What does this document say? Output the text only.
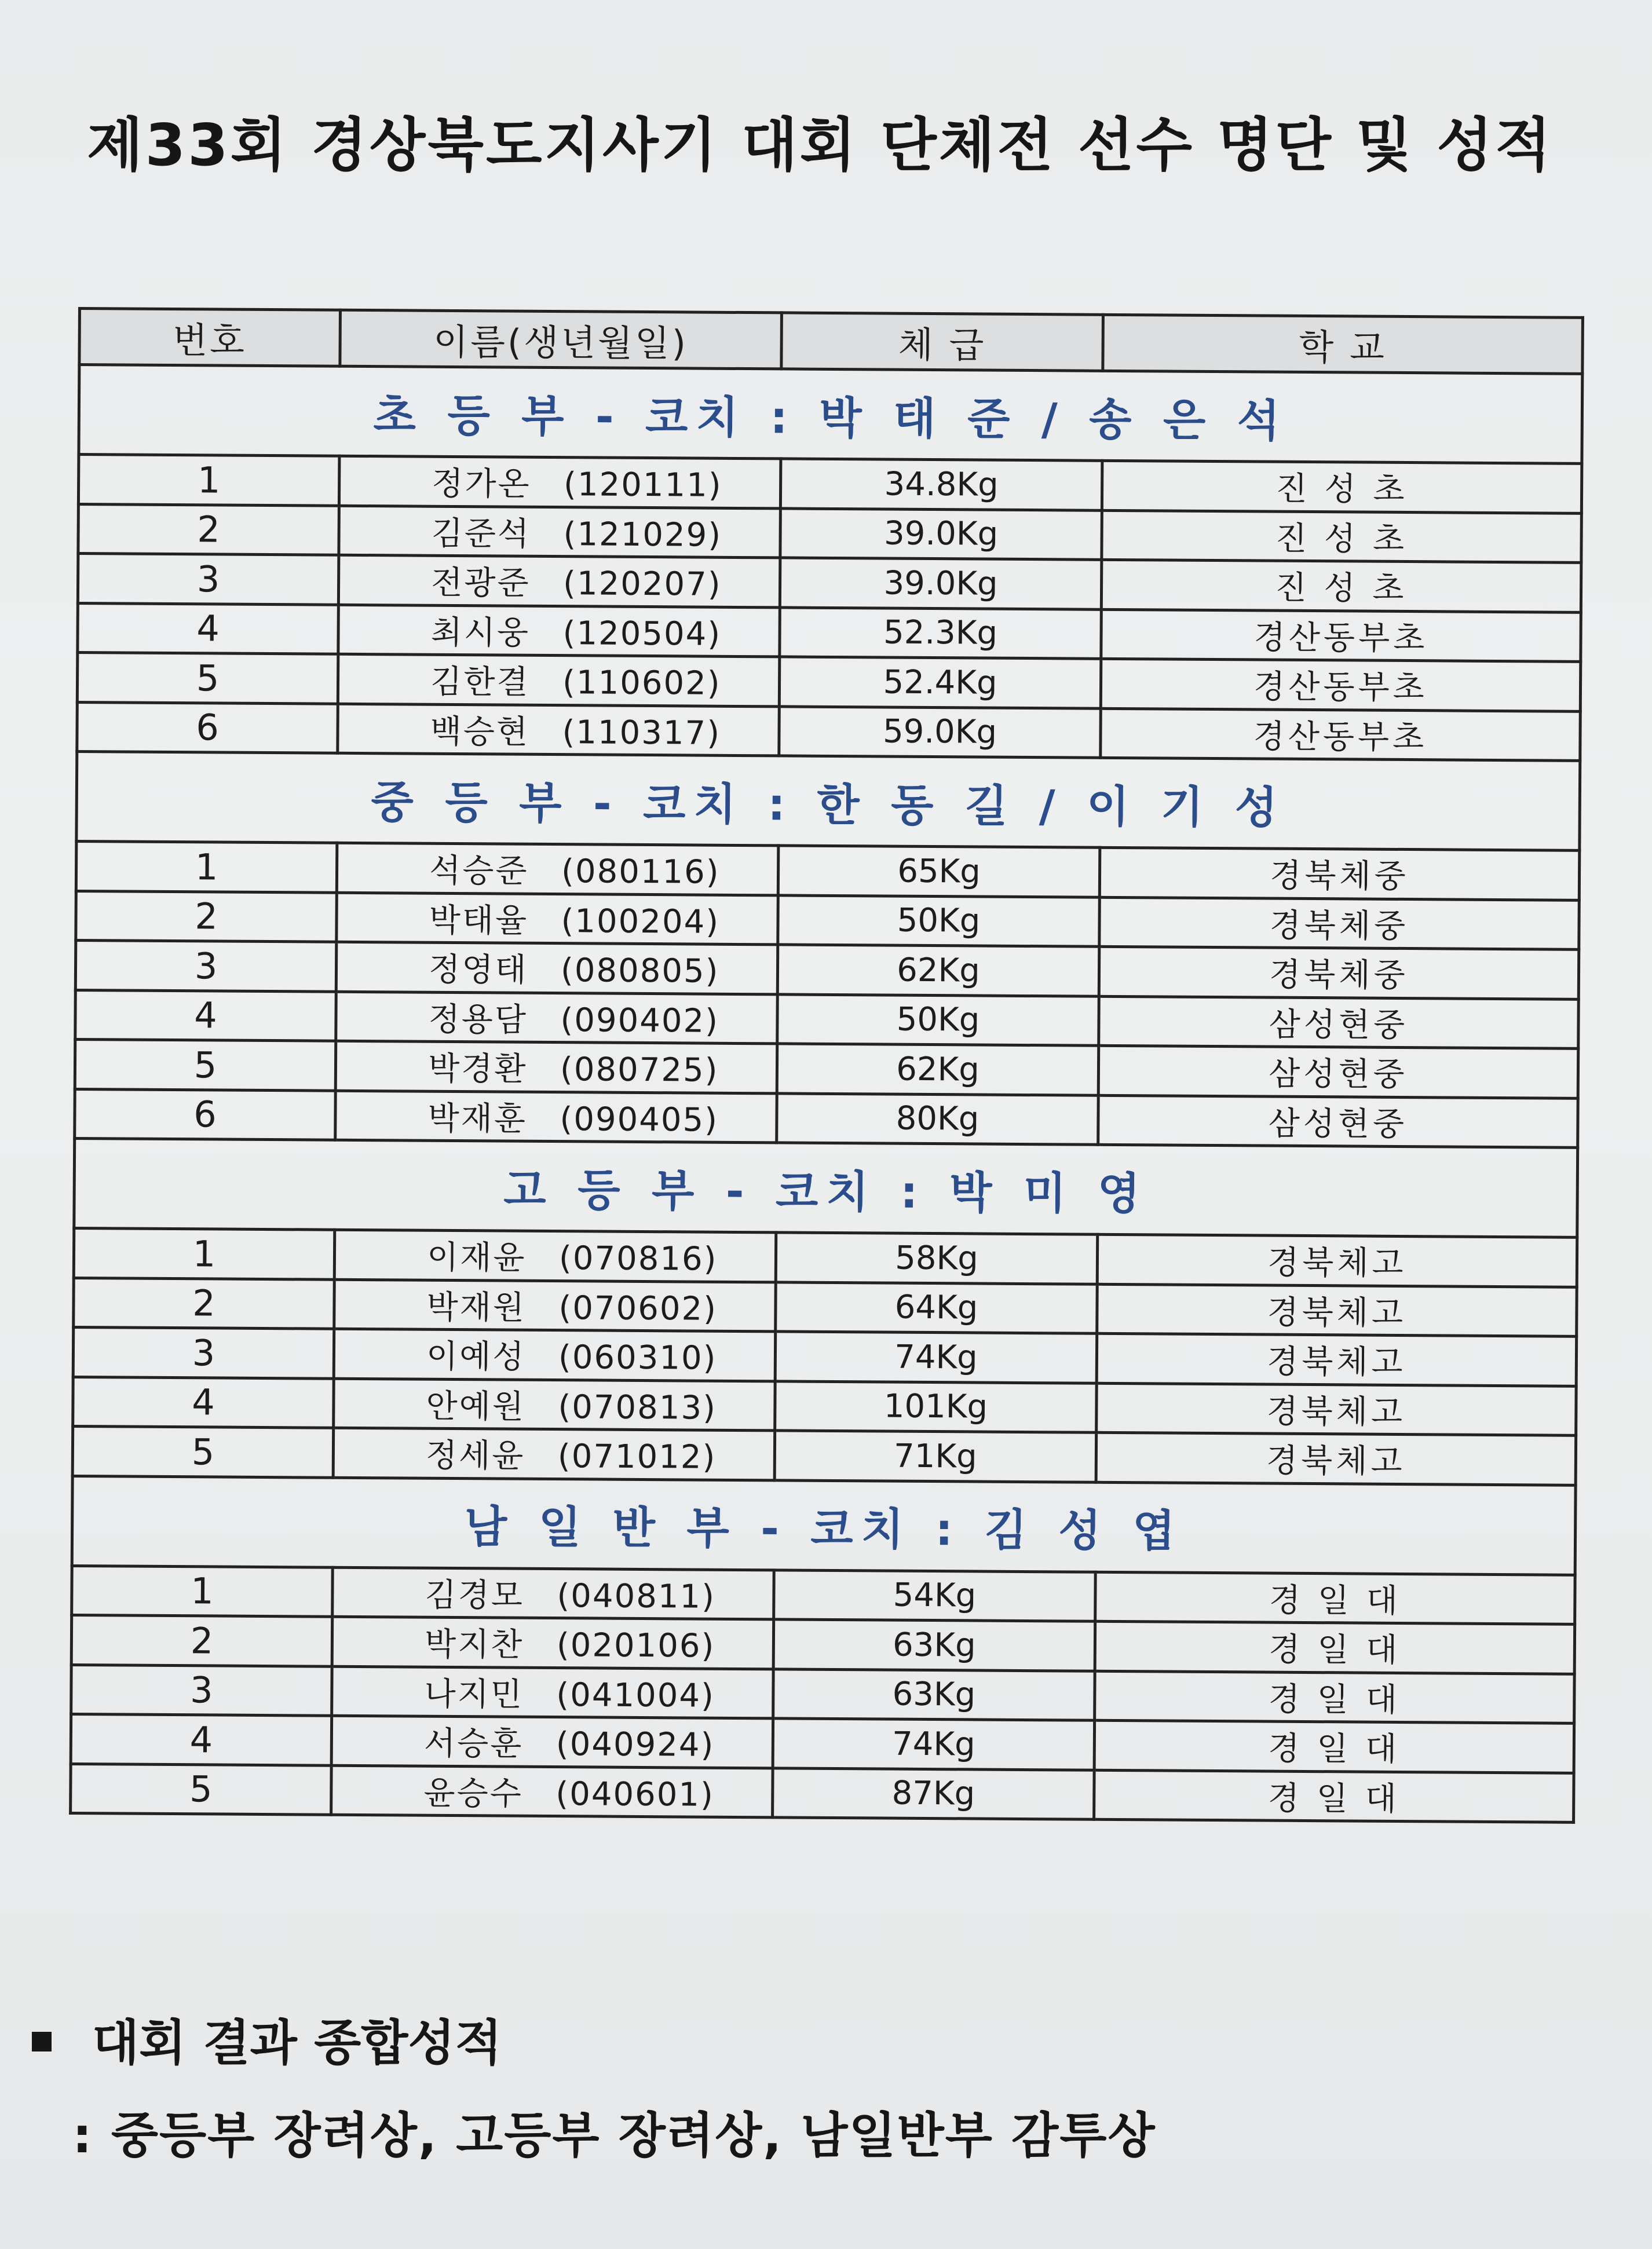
제33회 경상북도지사기 대회 단체전 선수 명단 및 성적
번호	이름(생년월일)	체 급	학 교
초 등 부 - 코치 : 박 태 준 / 송 은 석			
1	정가온 (120111)	34.8Kg	진 성 초
2	김준석 (121029)	39.0Kg	진 성 초
3	전광준 (120207)	39.0Kg	진 성 초
4	최시웅 (120504)	52.3Kg	경산동부초
5	김한결 (110602)	52.4Kg	경산동부초
6	백승현 (110317)	59.0Kg	경산동부초
중 등 부 - 코치 : 한 동 길 / 이 기 성			
1	석승준 (080116)	65Kg	경북체중
2	박태율 (100204)	50Kg	경북체중
3	정영태 (080805)	62Kg	경북체중
4	정용담 (090402)	50Kg	삼성현중
5	박경환 (080725)	62Kg	삼성현중
6	박재훈 (090405)	80Kg	삼성현중
고 등 부 - 코치 : 박 미 영			
1	이재윤 (070816)	58Kg	경북체고
2	박재원 (070602)	64Kg	경북체고
3	이예성 (060310)	74Kg	경북체고
4	안예원 (070813)	101Kg	경북체고
5	정세윤 (071012)	71Kg	경북체고
남 일 반 부 - 코치 : 김 성 엽			
1	김경모 (040811)	54Kg	경 일 대
2	박지찬 (020106)	63Kg	경 일 대
3	나지민 (041004)	63Kg	경 일 대
4	서승훈 (040924)	74Kg	경 일 대
5	윤승수 (040601)	87Kg	경 일 대
대회 결과 종합성적
: 중등부 장려상, 고등부 장려상, 남일반부 감투상
